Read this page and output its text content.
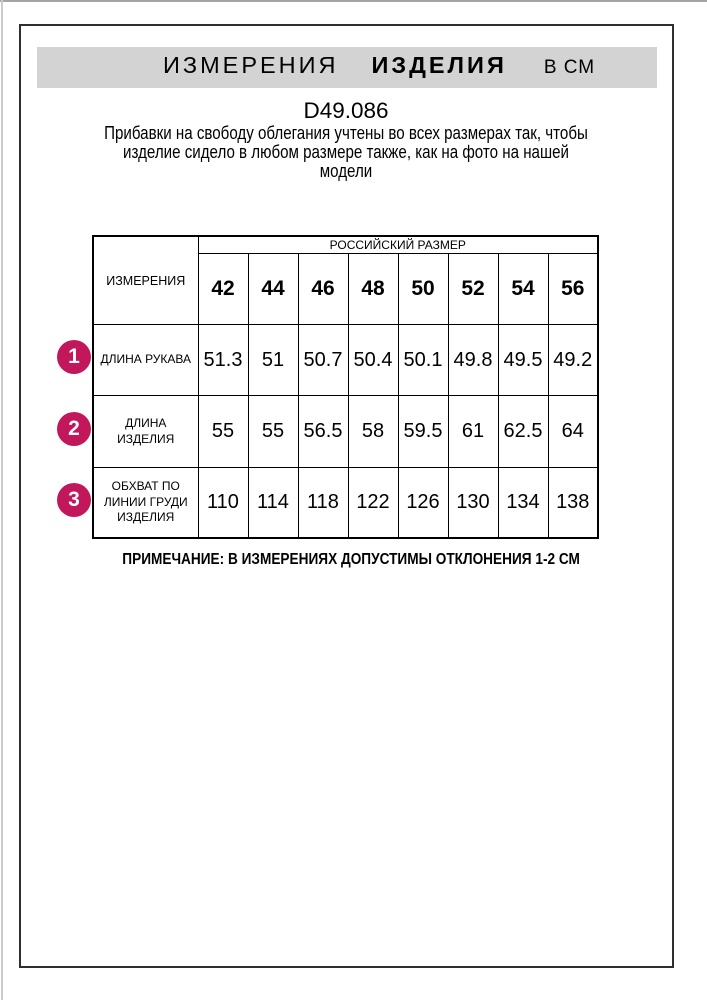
ИЗМЕРЕНИЯ ИЗДЕЛИЯ В СМ
D49.086
Прибавки на свободу облегания учтены во всех размерах так, чтобы
изделие сидело в любом размере также, как на фото на нашей
модели
ИЗМЕРЕНИЯ	РОССИЙСКИЙ РАЗМЕР							
	42	44	46	48	50	52	54	56

ДЛИНА РУКАВА	51.3	51	50.7	50.4	50.1	49.8	49.5	49.2

ДЛИНА
ИЗДЕЛИЯ	55	55	56.5	58	59.5	61	62.5	64

ОБХВАТ ПО
ЛИНИИ ГРУДИ
ИЗДЕЛИЯ	110	114	118	122	126	130	134	138
1
2
3
ПРИМЕЧАНИЕ: В ИЗМЕРЕНИЯХ ДОПУСТИМЫ ОТКЛОНЕНИЯ 1-2 СМ
